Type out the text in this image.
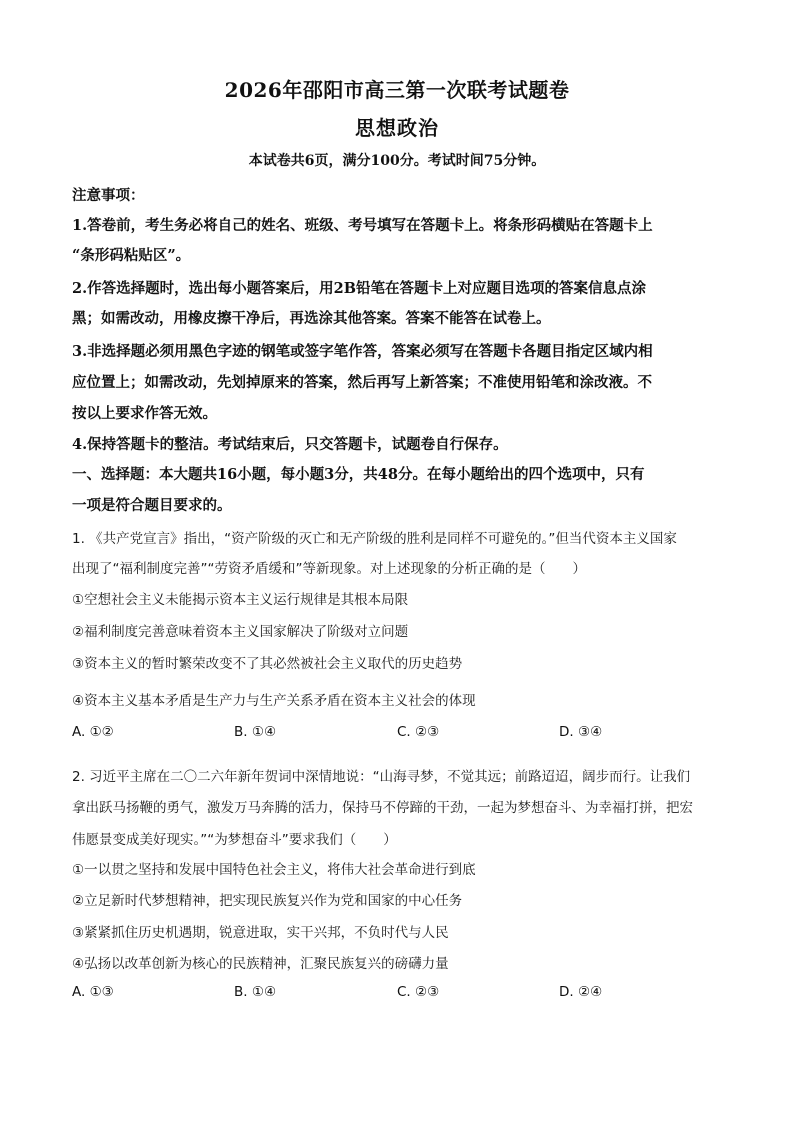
2026年邵阳市高三第一次联考试题卷
思想政治
本试卷共6页，满分100分。考试时间75分钟。
注意事项：
1.答卷前，考生务必将自己的姓名、班级、考号填写在答题卡上。将条形码横贴在答题卡上
“条形码粘贴区”。
2.作答选择题时，选出每小题答案后，用2B铅笔在答题卡上对应题目选项的答案信息点涂
黑；如需改动，用橡皮擦干净后，再选涂其他答案。答案不能答在试卷上。
3.非选择题必须用黑色字迹的钢笔或签字笔作答，答案必须写在答题卡各题目指定区域内相
应位置上；如需改动，先划掉原来的答案，然后再写上新答案；不准使用铅笔和涂改液。不
按以上要求作答无效。
4.保持答题卡的整洁。考试结束后，只交答题卡，试题卷自行保存。
一、选择题：本大题共16小题，每小题3分，共48分。在每小题给出的四个选项中，只有
一项是符合题目要求的。
1. 《共产党宣言》指出，“资产阶级的灭亡和无产阶级的胜利是同样不可避免的。”但当代资本主义国家
出现了“福利制度完善”“劳资矛盾缓和”等新现象。对上述现象的分析正确的是（　　）
①空想社会主义未能揭示资本主义运行规律是其根本局限
②福利制度完善意味着资本主义国家解决了阶级对立问题
③资本主义的暂时繁荣改变不了其必然被社会主义取代的历史趋势
④资本主义基本矛盾是生产力与生产关系矛盾在资本主义社会的体现
A. ①②	B. ①④	C. ②③	D. ③④
2. 习近平主席在二〇二六年新年贺词中深情地说：“山海寻梦，不觉其远；前路迢迢，阔步而行。让我们
拿出跃马扬鞭的勇气，激发万马奔腾的活力，保持马不停蹄的干劲，一起为梦想奋斗、为幸福打拼，把宏
伟愿景变成美好现实。”“为梦想奋斗”要求我们（　　）
①一以贯之坚持和发展中国特色社会主义，将伟大社会革命进行到底
②立足新时代梦想精神，把实现民族复兴作为党和国家的中心任务
③紧紧抓住历史机遇期，锐意进取，实干兴邦，不负时代与人民
④弘扬以改革创新为核心的民族精神，汇聚民族复兴的磅礴力量
A. ①③	B. ①④	C. ②③	D. ②④
